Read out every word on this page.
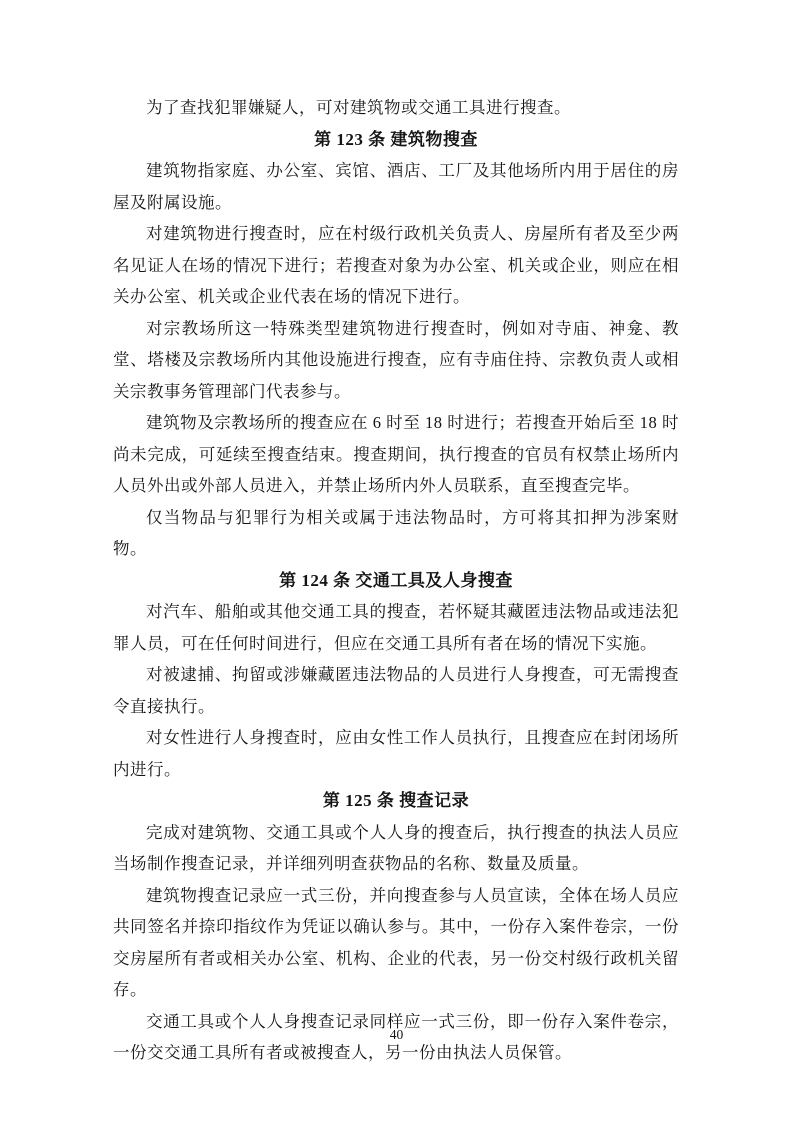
为了查找犯罪嫌疑人，可对建筑物或交通工具进行搜查。

第 123 条 建筑物搜查

建筑物指家庭、办公室、宾馆、酒店、工厂及其他场所内用于居住的房屋及附属设施。

对建筑物进行搜查时，应在村级行政机关负责人、房屋所有者及至少两名见证人在场的情况下进行；若搜查对象为办公室、机关或企业，则应在相关办公室、机关或企业代表在场的情况下进行。

对宗教场所这一特殊类型建筑物进行搜查时，例如对寺庙、神龛、教堂、塔楼及宗教场所内其他设施进行搜查，应有寺庙住持、宗教负责人或相关宗教事务管理部门代表参与。

建筑物及宗教场所的搜查应在 6 时至 18 时进行；若搜查开始后至 18 时尚未完成，可延续至搜查结束。搜查期间，执行搜查的官员有权禁止场所内人员外出或外部人员进入，并禁止场所内外人员联系，直至搜查完毕。

仅当物品与犯罪行为相关或属于违法物品时，方可将其扣押为涉案财物。

第 124 条 交通工具及人身搜查

对汽车、船舶或其他交通工具的搜查，若怀疑其藏匿违法物品或违法犯罪人员，可在任何时间进行，但应在交通工具所有者在场的情况下实施。

对被逮捕、拘留或涉嫌藏匿违法物品的人员进行人身搜查，可无需搜查令直接执行。

对女性进行人身搜查时，应由女性工作人员执行，且搜查应在封闭场所内进行。

第 125 条 搜查记录

完成对建筑物、交通工具或个人人身的搜查后，执行搜查的执法人员应当场制作搜查记录，并详细列明查获物品的名称、数量及质量。

建筑物搜查记录应一式三份，并向搜查参与人员宣读，全体在场人员应共同签名并捺印指纹作为凭证以确认参与。其中，一份存入案件卷宗，一份交房屋所有者或相关办公室、机构、企业的代表，另一份交村级行政机关留存。

交通工具或个人人身搜查记录同样应一式三份，即一份存入案件卷宗，一份交交通工具所有者或被搜查人，另一份由执法人员保管。

40
